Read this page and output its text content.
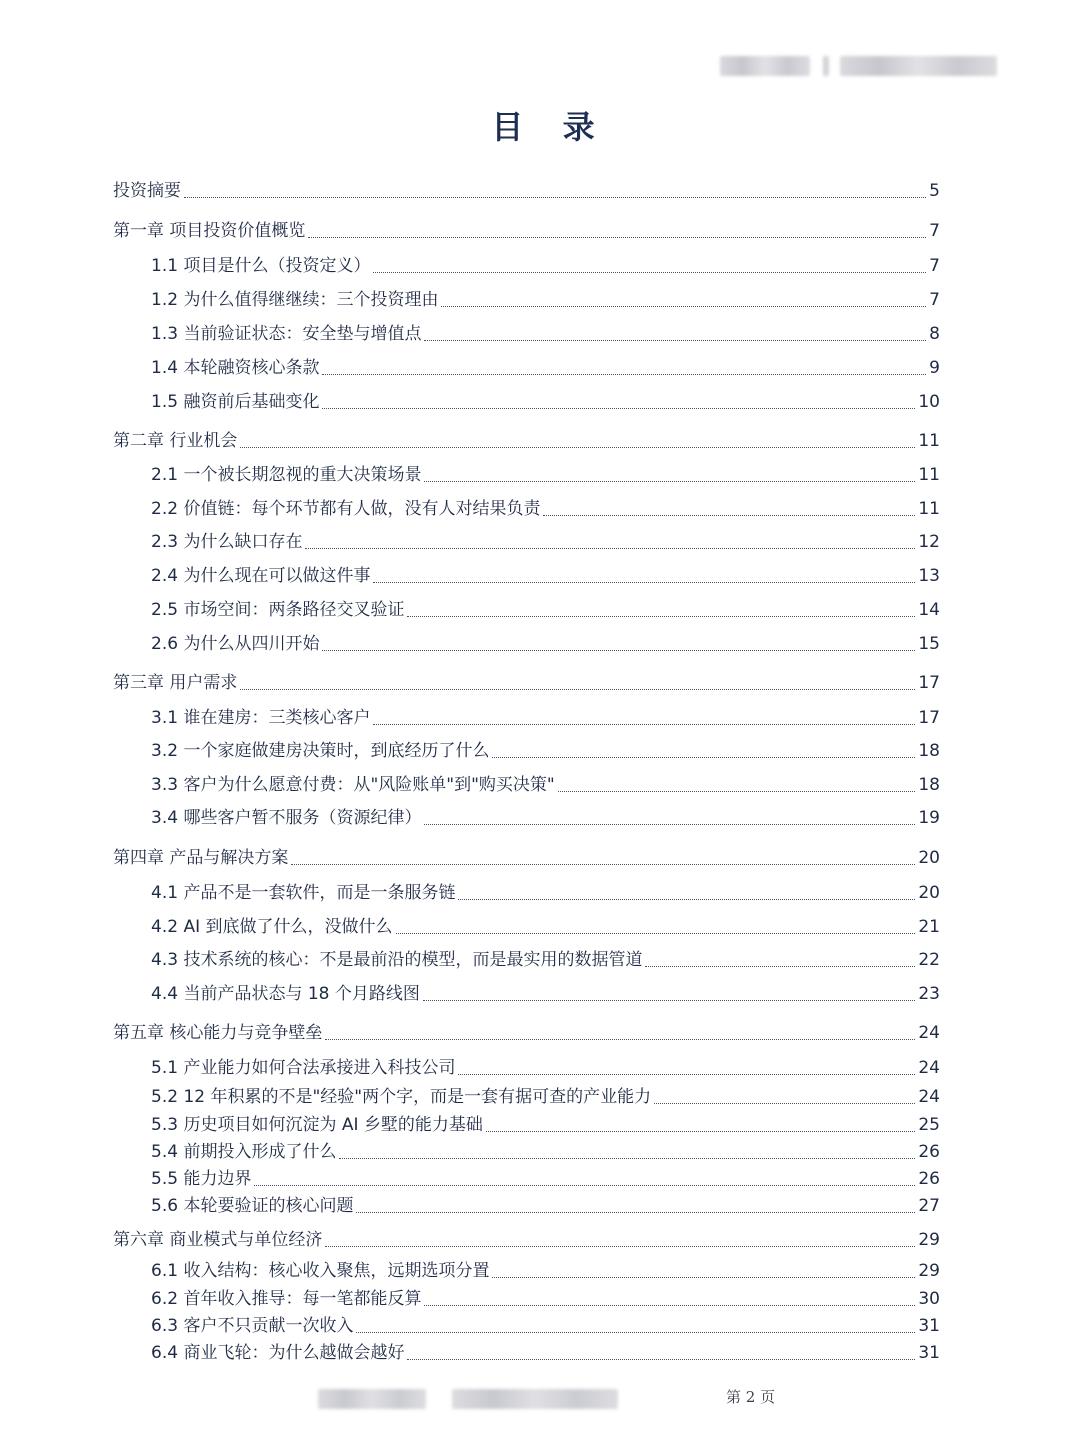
目 录
投资摘要	5
第一章 项目投资价值概览	7
1.1 项目是什么（投资定义）	7
1.2 为什么值得继继续：三个投资理由	7
1.3 当前验证状态：安全垫与增值点	8
1.4 本轮融资核心条款	9
1.5 融资前后基础变化	10
第二章 行业机会	11
2.1 一个被长期忽视的重大决策场景	11
2.2 价值链：每个环节都有人做，没有人对结果负责	11
2.3 为什么缺口存在	12
2.4 为什么现在可以做这件事	13
2.5 市场空间：两条路径交叉验证	14
2.6 为什么从四川开始	15
第三章 用户需求	17
3.1 谁在建房：三类核心客户	17
3.2 一个家庭做建房决策时，到底经历了什么	18
3.3 客户为什么愿意付费：从"风险账单"到"购买决策"	18
3.4 哪些客户暂不服务（资源纪律）	19
第四章 产品与解决方案	20
4.1 产品不是一套软件，而是一条服务链	20
4.2 AI 到底做了什么，没做什么	21
4.3 技术系统的核心：不是最前沿的模型，而是最实用的数据管道	22
4.4 当前产品状态与 18 个月路线图	23
第五章 核心能力与竞争壁垒	24
5.1 产业能力如何合法承接进入科技公司	24
5.2 12 年积累的不是"经验"两个字，而是一套有据可查的产业能力	24
5.3 历史项目如何沉淀为 AI 乡墅的能力基础	25
5.4 前期投入形成了什么	26
5.5 能力边界	26
5.6 本轮要验证的核心问题	27
第六章 商业模式与单位经济	29
6.1 收入结构：核心收入聚焦，远期选项分置	29
6.2 首年收入推导：每一笔都能反算	30
6.3 客户不只贡献一次收入	31
6.4 商业飞轮：为什么越做会越好	31
第 2 页
